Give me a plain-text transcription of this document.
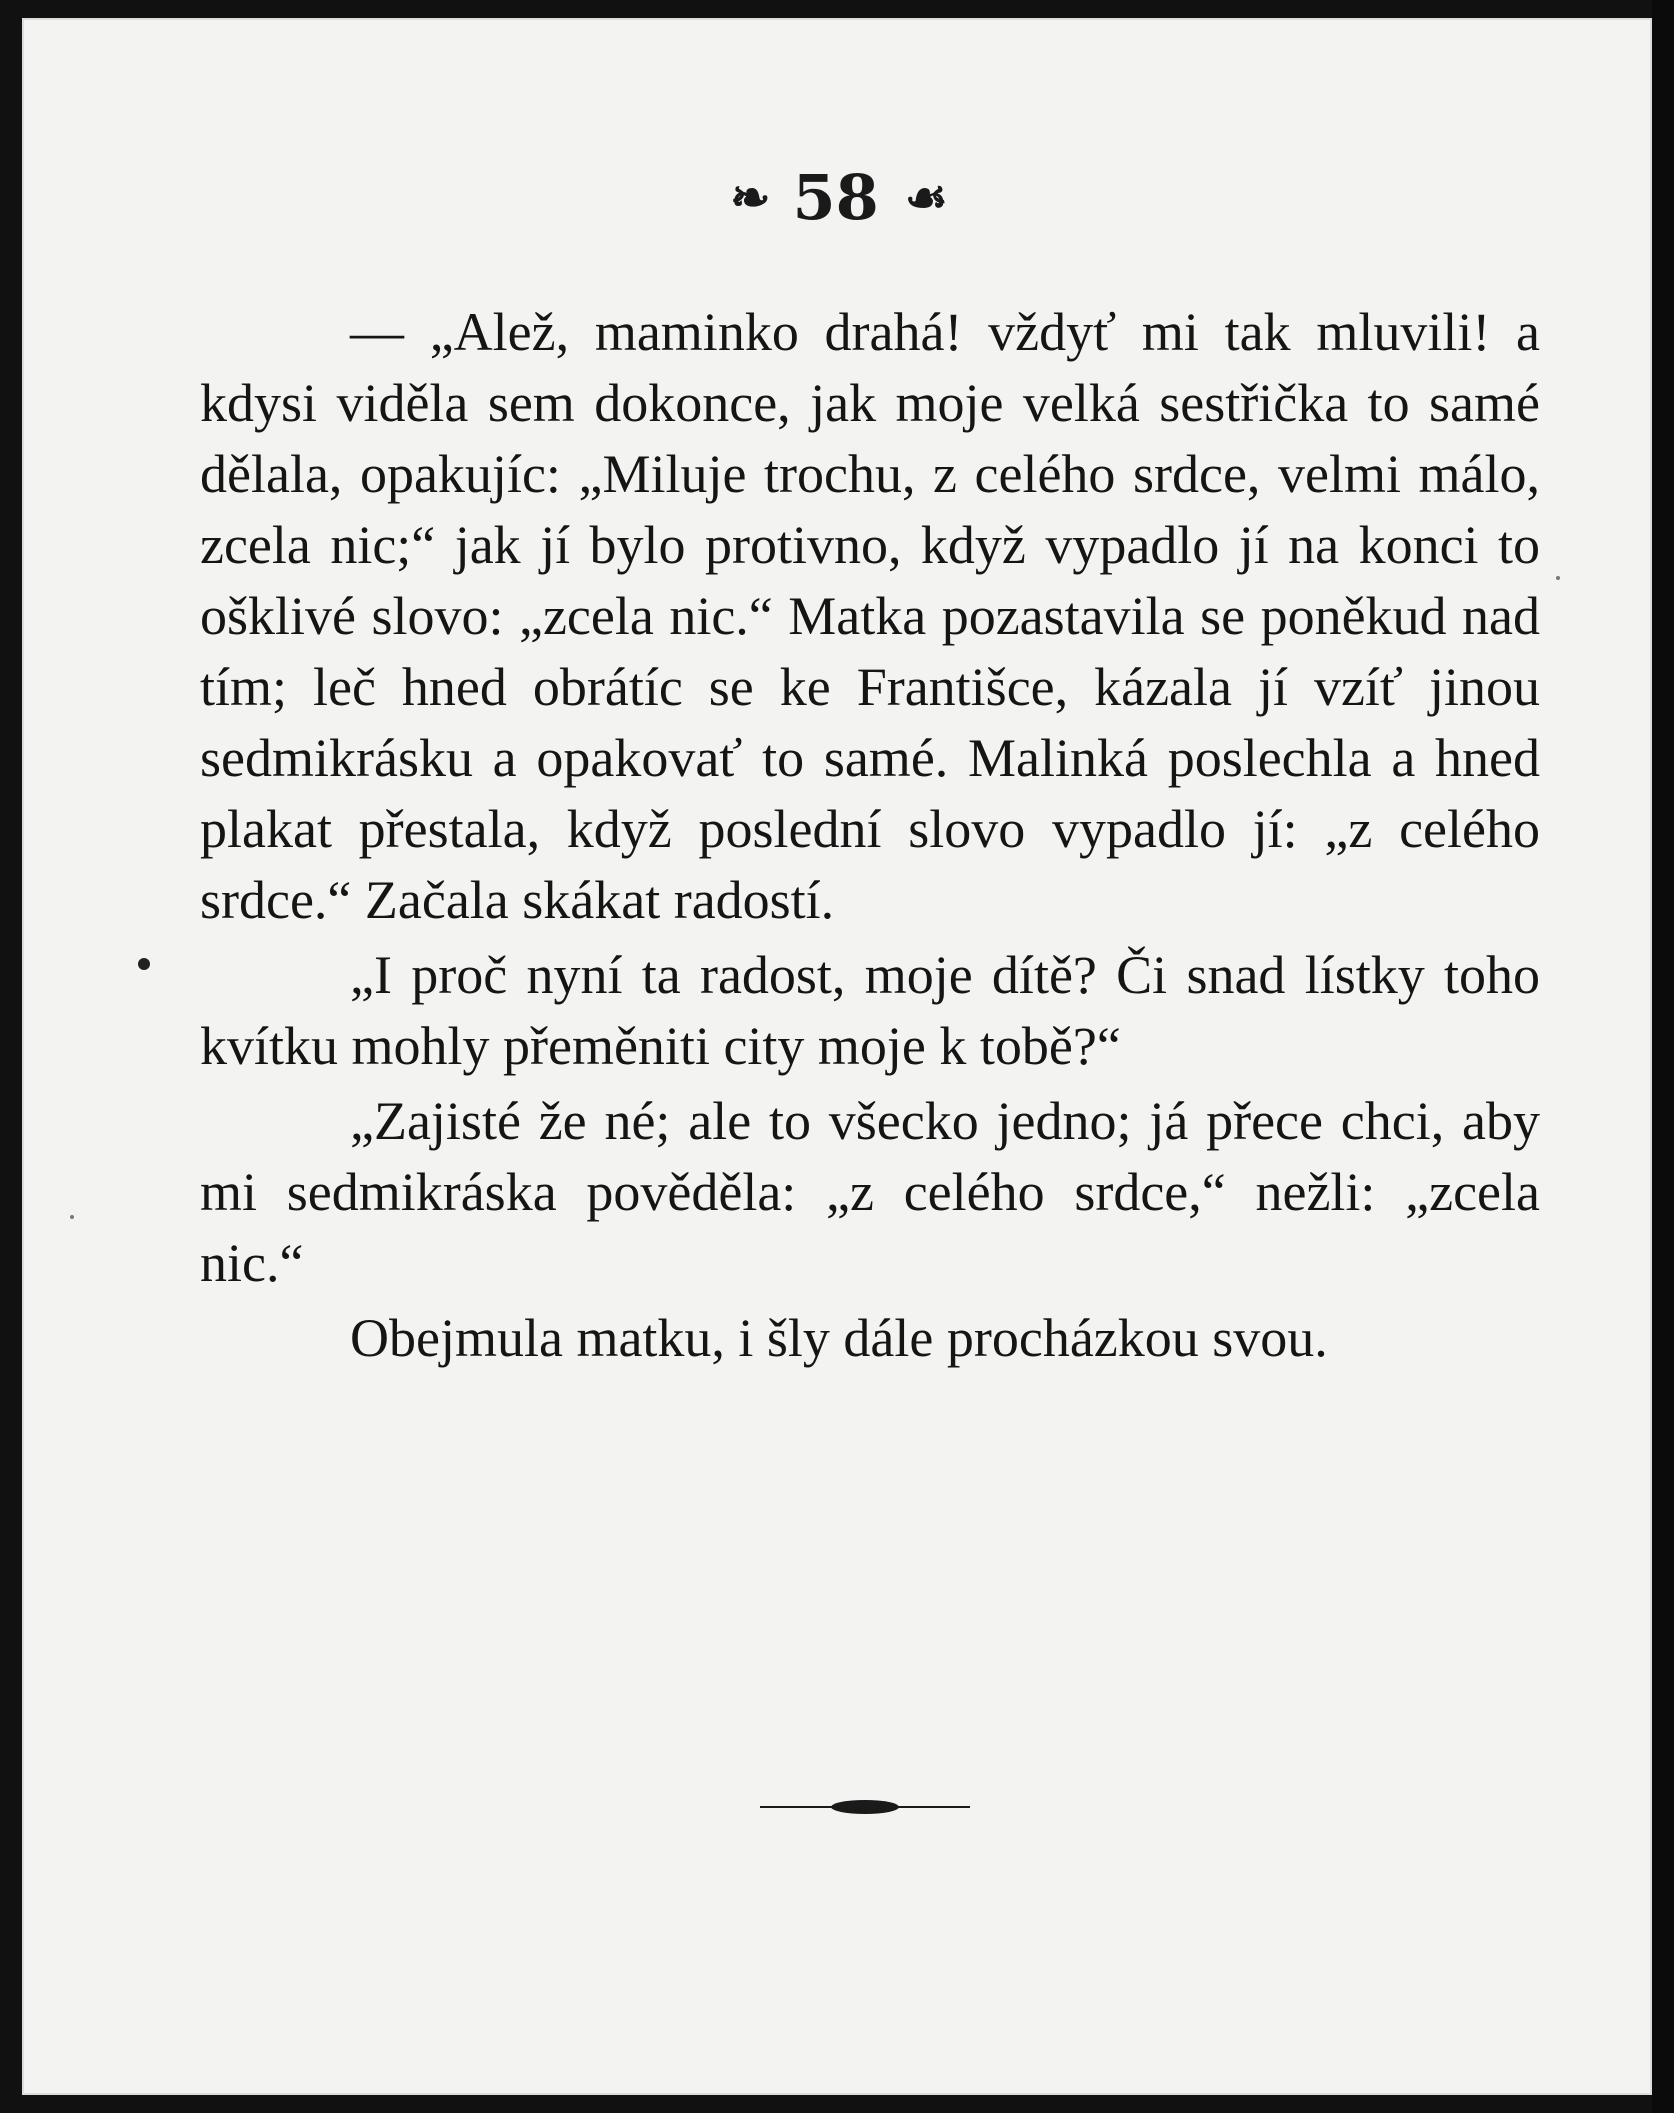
❧ 58 ☙

— „Alež, maminko drahá! vždyť mi tak mluvili! a kdysi viděla sem dokonce, jak moje velká sestřička to samé dělala, opakujíc: „Miluje trochu, z celého srdce, velmi málo, zcela nic;“ jak jí bylo protivno, když vypadlo jí na konci to ošklivé slovo: „zcela nic.“ Matka pozastavila se poněkud nad tím; leč hned obrátíc se ke Františce, kázala jí vzíť jinou sedmikrásku a opakovať to samé. Malinká poslechla a hned plakat přestala, když poslední slovo vypadlo jí: „z celého srdce.“ Začala skákat radostí.

„I proč nyní ta radost, moje dítě? Či snad lístky toho kvítku mohly přeměniti city moje k tobě?“

„Zajisté že né; ale to všecko jedno; já přece chci, aby mi sedmikráska pověděla: „z celého srdce,“ nežli: „zcela nic.“

Obejmula matku, i šly dále procházkou svou.
